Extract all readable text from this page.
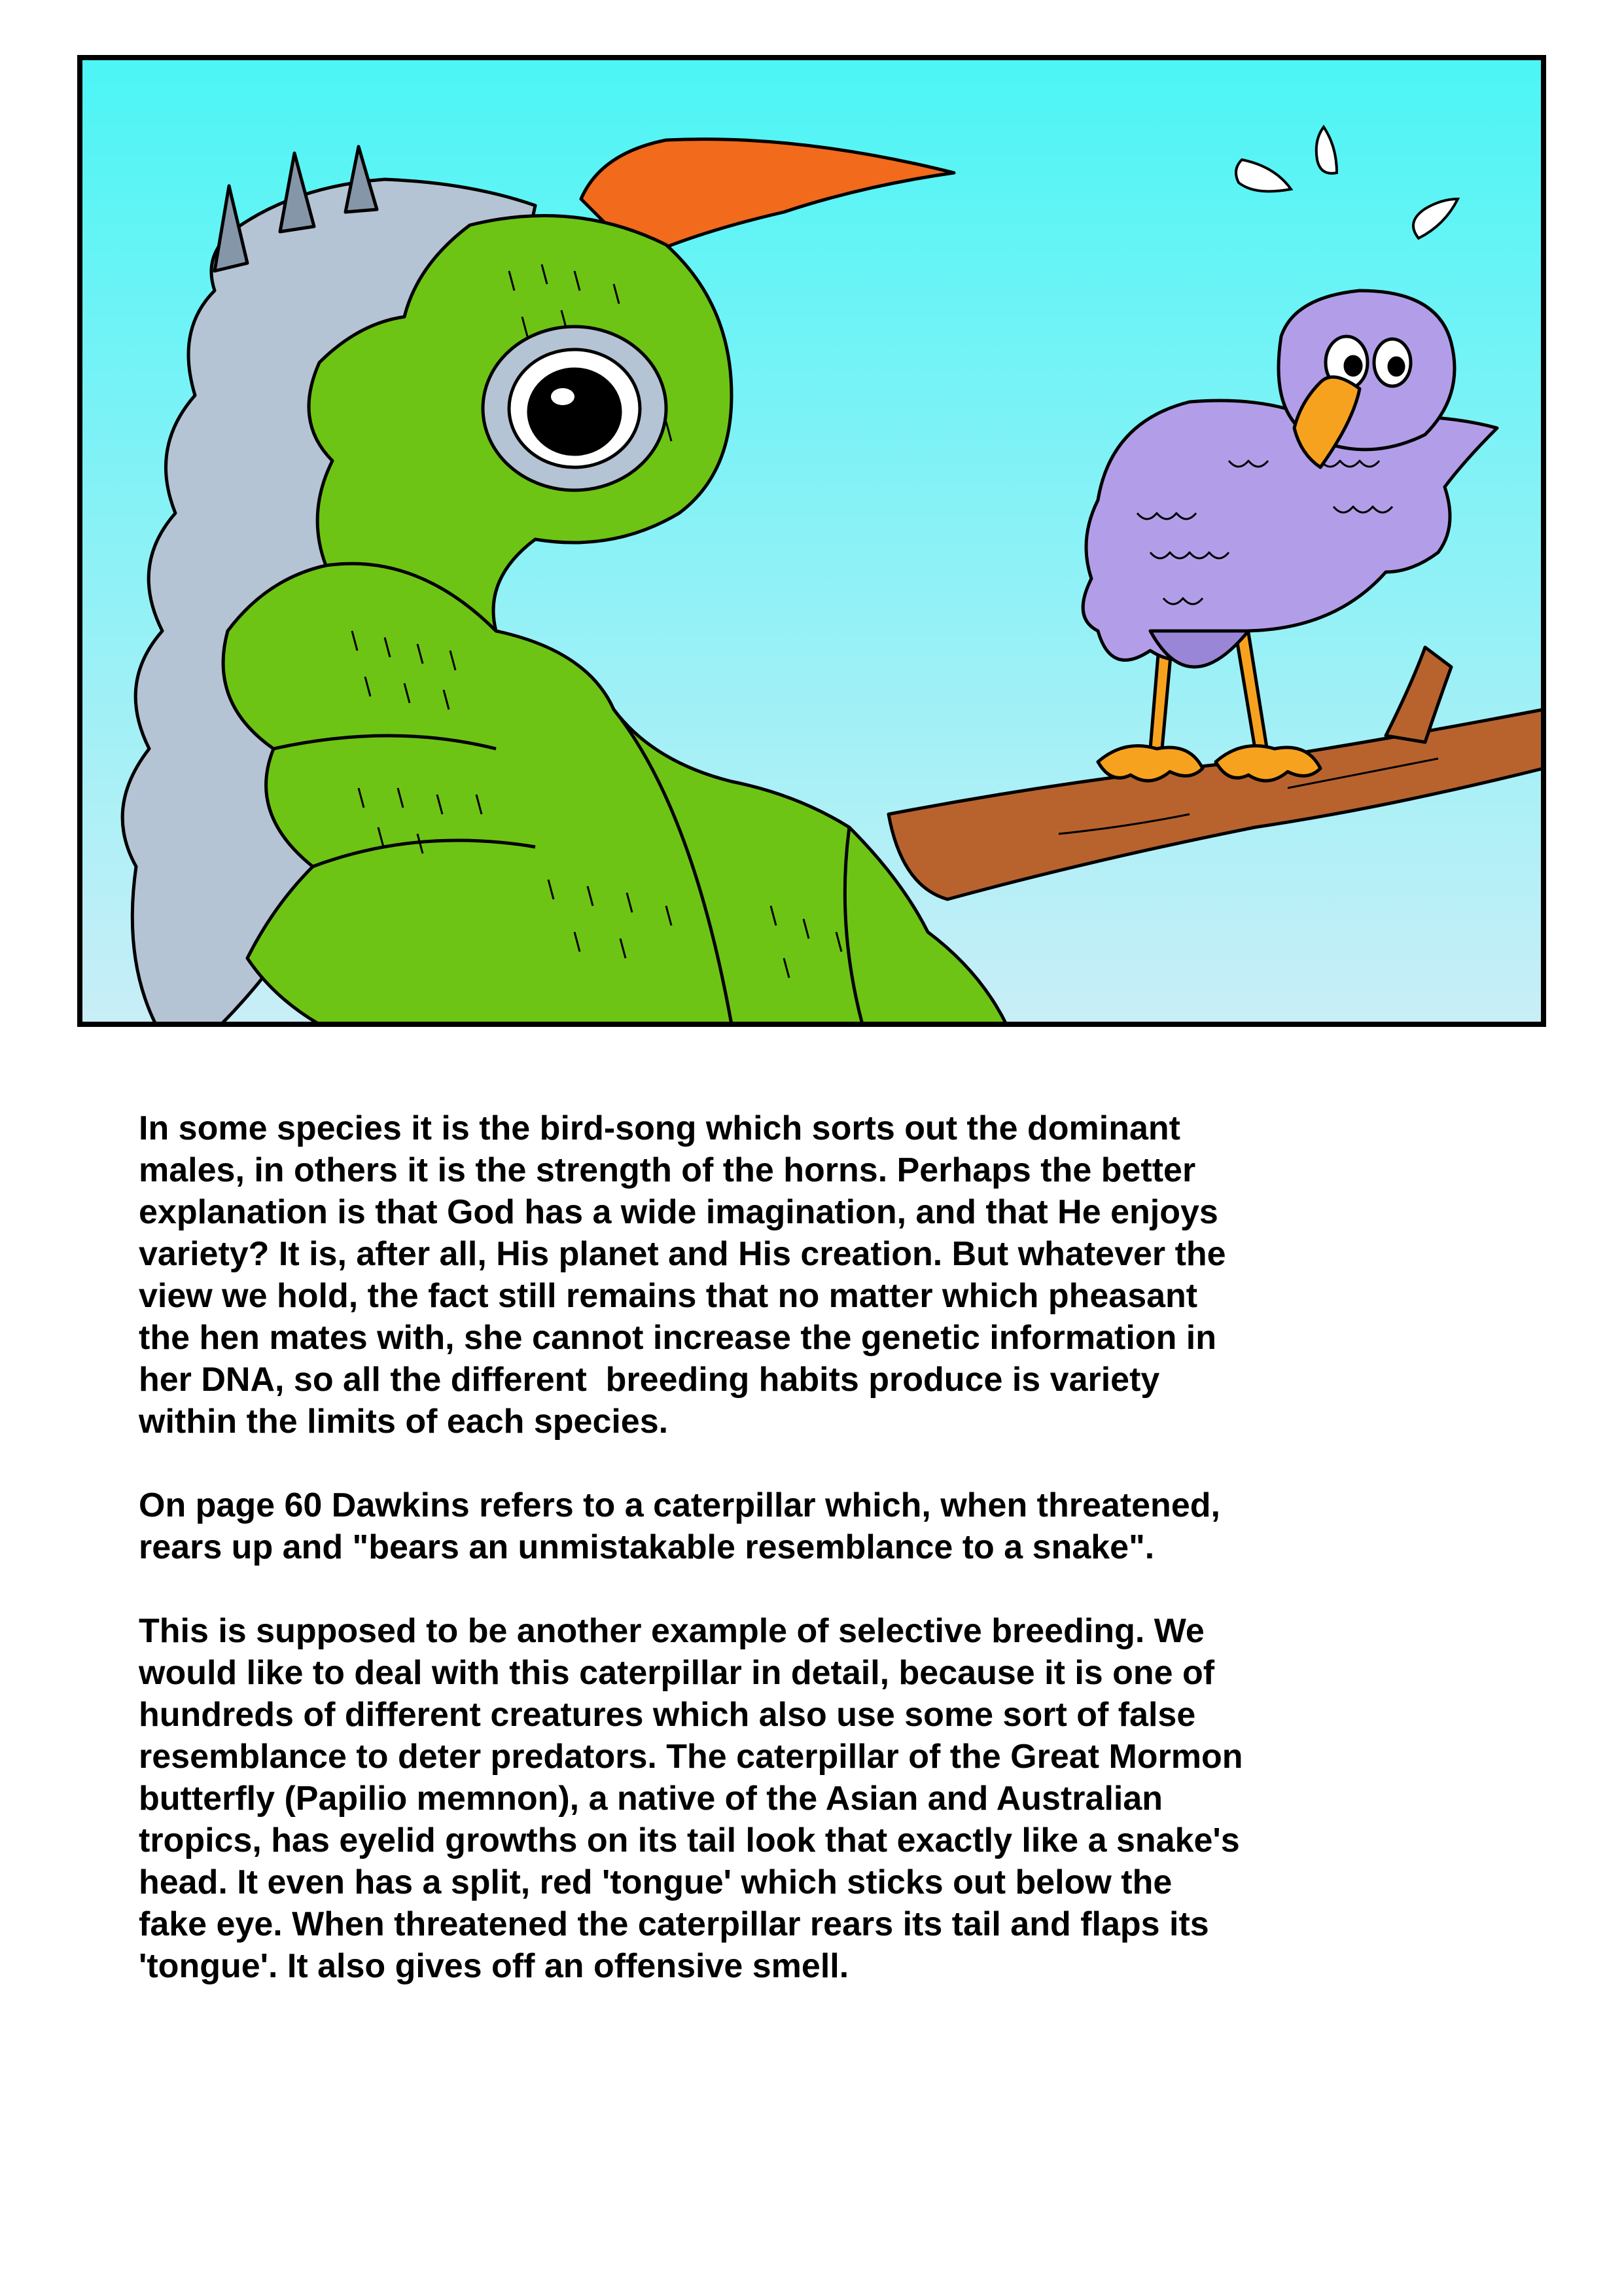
In some species it is the bird-song which sorts out the dominant
males, in others it is the strength of the horns. Perhaps the better
explanation is that God has a wide imagination, and that He enjoys
variety? It is, after all, His planet and His creation. But whatever the
view we hold, the fact still remains that no matter which pheasant
the hen mates with, she cannot increase the genetic information in
her DNA, so all the different  breeding habits produce is variety
within the limits of each species.

On page 60 Dawkins refers to a caterpillar which, when threatened,
rears up and "bears an unmistakable resemblance to a snake".

This is supposed to be another example of selective breeding. We
would like to deal with this caterpillar in detail, because it is one of
hundreds of different creatures which also use some sort of false
resemblance to deter predators. The caterpillar of the Great Mormon
butterfly (Papilio memnon), a native of the Asian and Australian
tropics, has eyelid growths on its tail look that exactly like a snake's
head. It even has a split, red 'tongue' which sticks out below the
fake eye. When threatened the caterpillar rears its tail and flaps its
'tongue'. It also gives off an offensive smell.
